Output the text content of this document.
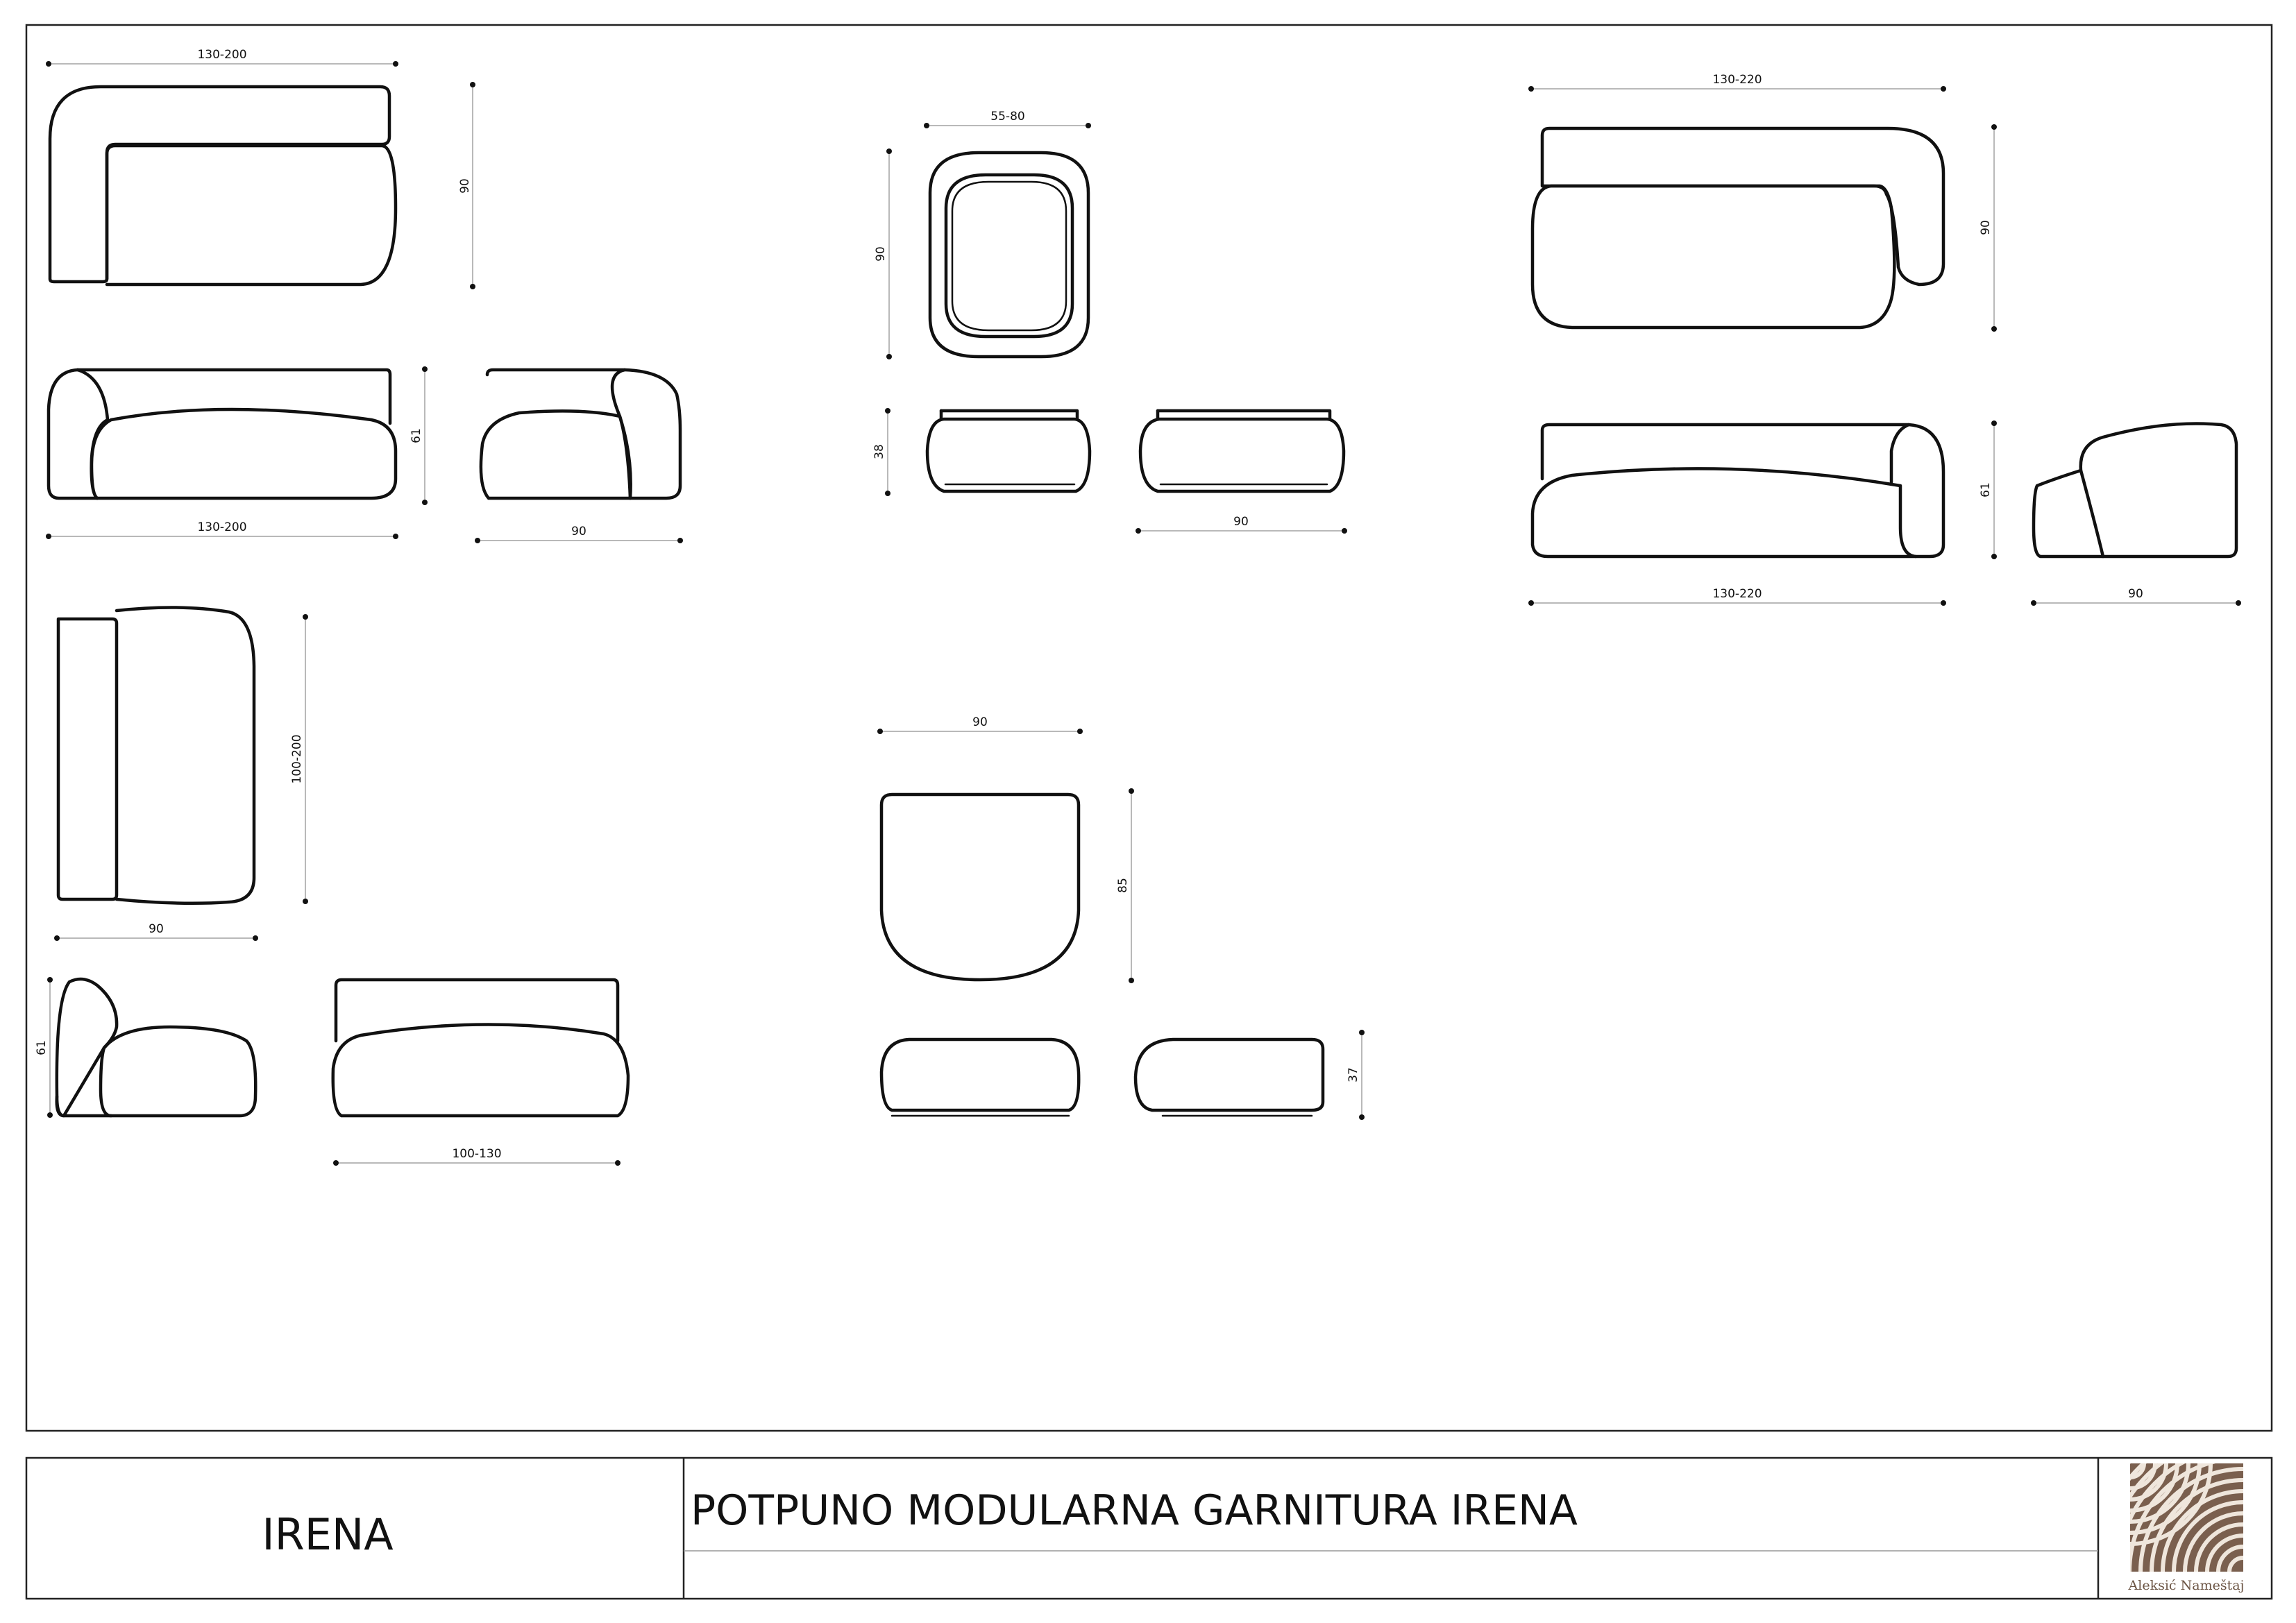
130-200
90
130-200
61
90
55-80
90
38
90
130-220
90
130-220
61
90
90
100-200
61
100-130
90
85
37
IRENA	POTPUNO MODULARNA GARNITURA IRENA
Aleksić Nameštaj
